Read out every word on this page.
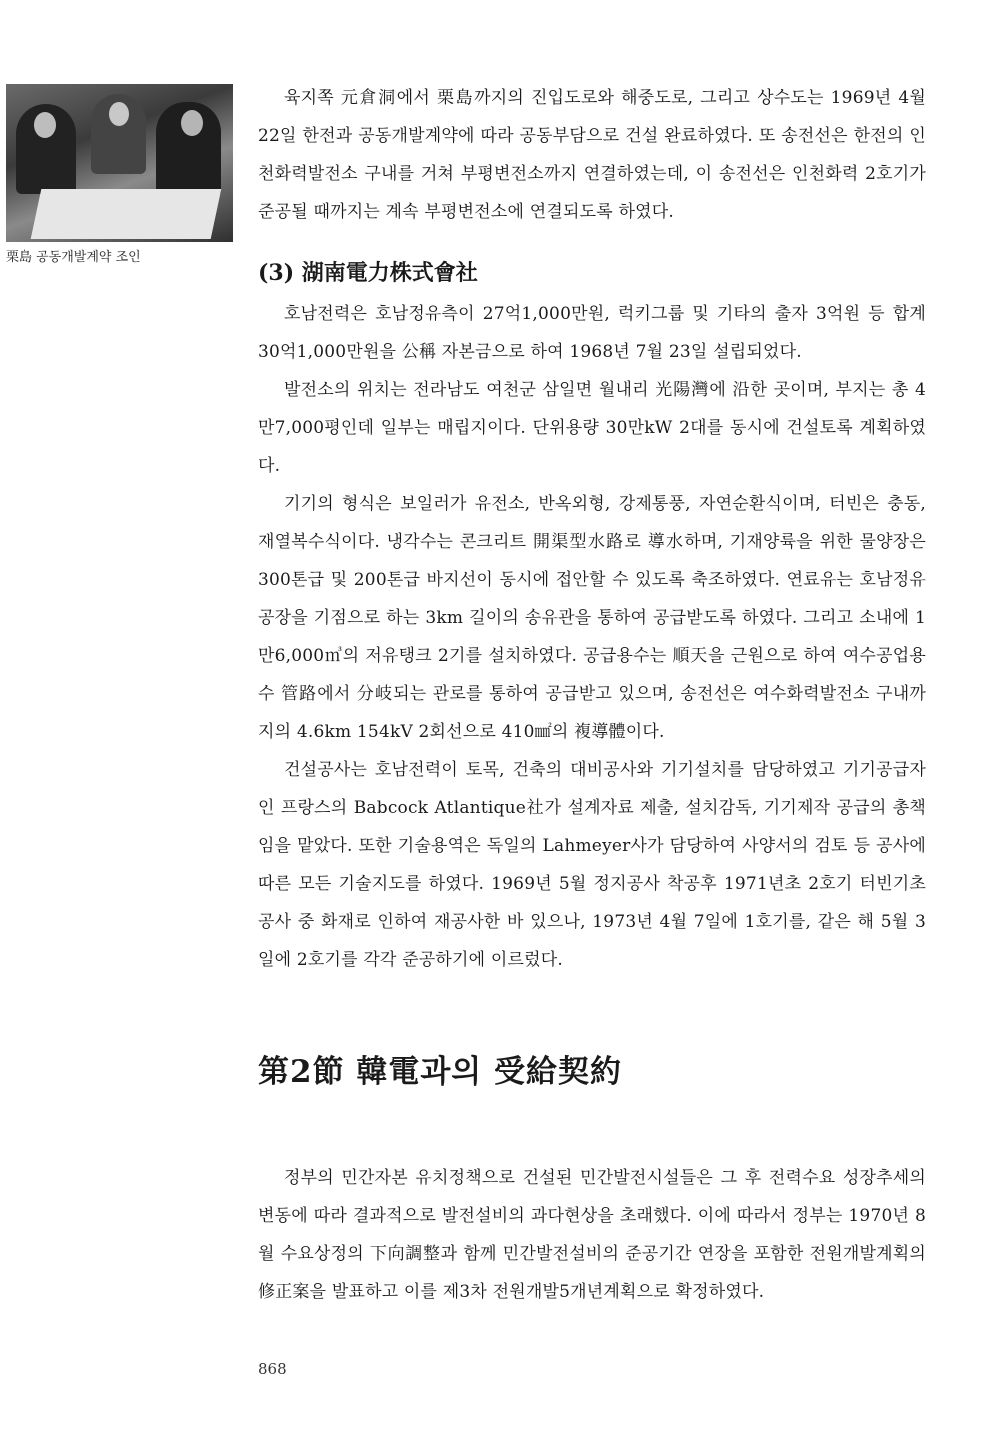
栗島 공동개발계약 조인

육지쪽 元倉洞에서 栗島까지의 진입도로와 해중도로, 그리고 상수도는 1969년 4월 22일 한전과 공동개발계약에 따라 공동부담으로 건설 완료하였다. 또 송전선은 한전의 인천화력발전소 구내를 거쳐 부평변전소까지 연결하였는데, 이 송전선은 인천화력 2호기가 준공될 때까지는 계속 부평변전소에 연결되도록 하였다.

(3) 湖南電力株式會社

호남전력은 호남정유측이 27억1,000만원, 럭키그룹 및 기타의 출자 3억원 등 합계 30억1,000만원을 公稱 자본금으로 하여 1968년 7월 23일 설립되었다.

발전소의 위치는 전라남도 여천군 삼일면 월내리 光陽灣에 沿한 곳이며, 부지는 총 4만7,000평인데 일부는 매립지이다. 단위용량 30만kW 2대를 동시에 건설토록 계획하였다.

기기의 형식은 보일러가 유전소, 반옥외형, 강제통풍, 자연순환식이며, 터빈은 충동, 재열복수식이다. 냉각수는 콘크리트 開渠型水路로 導水하며, 기재양륙을 위한 물양장은 300톤급 및 200톤급 바지선이 동시에 접안할 수 있도록 축조하였다. 연료유는 호남정유공장을 기점으로 하는 3km 길이의 송유관을 통하여 공급받도록 하였다. 그리고 소내에 1만6,000㎥의 저유탱크 2기를 설치하였다. 공급용수는 順天을 근원으로 하여 여수공업용수 管路에서 分岐되는 관로를 통하여 공급받고 있으며, 송전선은 여수화력발전소 구내까지의 4.6km 154kV 2회선으로 410㎟의 複導體이다.

건설공사는 호남전력이 토목, 건축의 대비공사와 기기설치를 담당하였고 기기공급자인 프랑스의 Babcock Atlantique社가 설계자료 제출, 설치감독, 기기제작 공급의 총책임을 맡았다. 또한 기술용역은 독일의 Lahmeyer사가 담당하여 사양서의 검토 등 공사에 따른 모든 기술지도를 하였다. 1969년 5월 정지공사 착공후 1971년초 2호기 터빈기초공사 중 화재로 인하여 재공사한 바 있으나, 1973년 4월 7일에 1호기를, 같은 해 5월 3일에 2호기를 각각 준공하기에 이르렀다.

第2節 韓電과의 受給契約

정부의 민간자본 유치정책으로 건설된 민간발전시설들은 그 후 전력수요 성장추세의 변동에 따라 결과적으로 발전설비의 과다현상을 초래했다. 이에 따라서 정부는 1970년 8월 수요상정의 下向調整과 함께 민간발전설비의 준공기간 연장을 포함한 전원개발계획의 修正案을 발표하고 이를 제3차 전원개발5개년계획으로 확정하였다.

868
